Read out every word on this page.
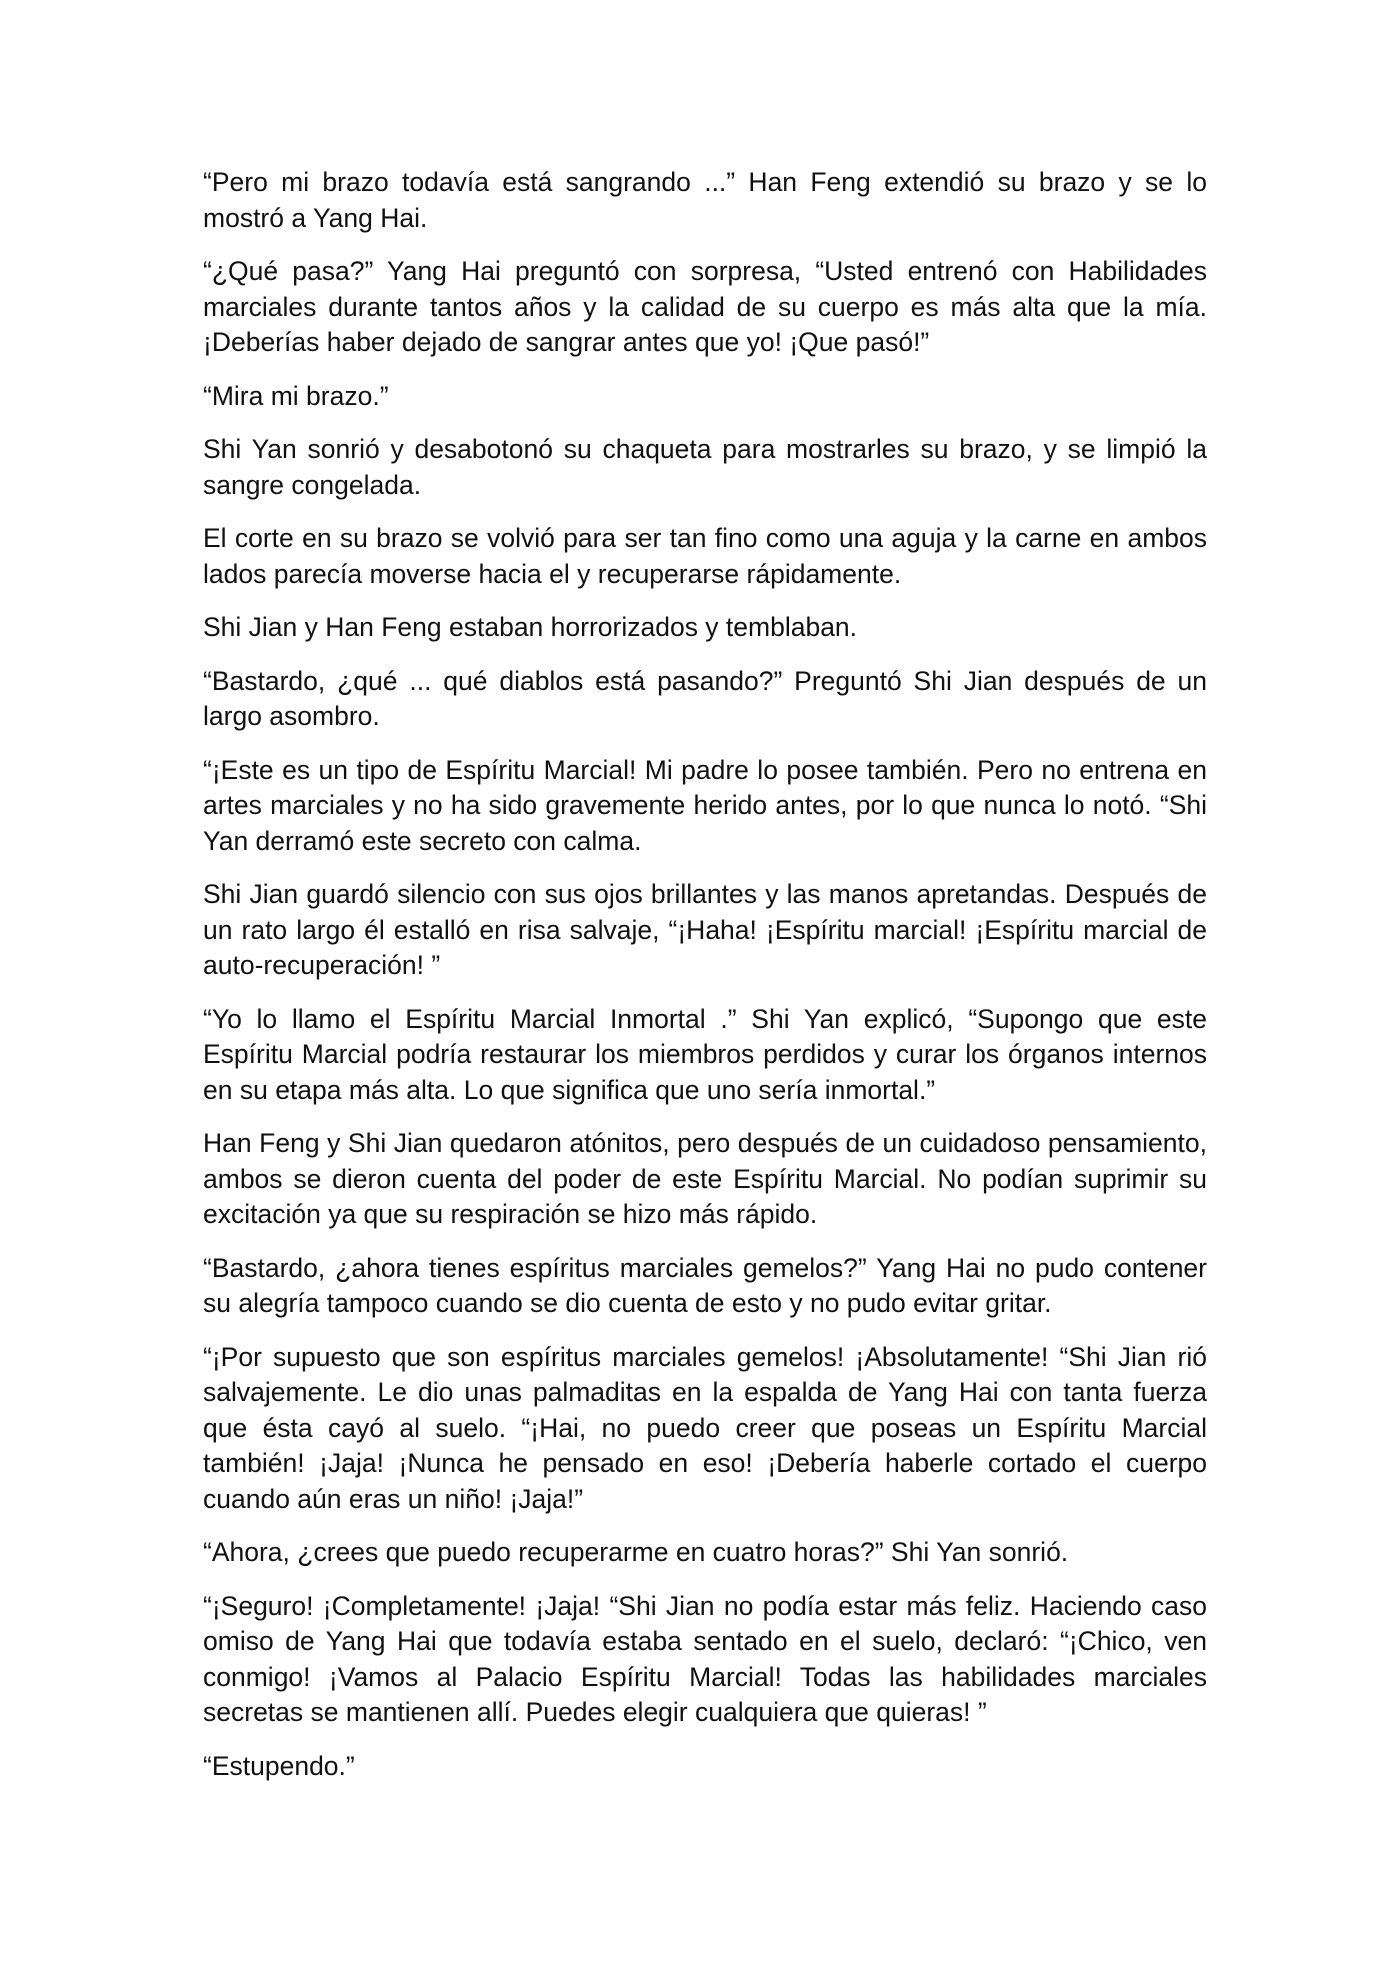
“Pero mi brazo todavía está sangrando ...” Han Feng extendió su brazo y se lo mostró a Yang Hai.

“¿Qué pasa?” Yang Hai preguntó con sorpresa, “Usted entrenó con Habilidades marciales durante tantos años y la calidad de su cuerpo es más alta que la mía. ¡Deberías haber dejado de sangrar antes que yo! ¡Que pasó!”

“Mira mi brazo.”

Shi Yan sonrió y desabotonó su chaqueta para mostrarles su brazo, y se limpió la sangre congelada.

El corte en su brazo se volvió para ser tan fino como una aguja y la carne en ambos lados parecía moverse hacia el y recuperarse rápidamente.

Shi Jian y Han Feng estaban horrorizados y temblaban.

“Bastardo, ¿qué ... qué diablos está pasando?” Preguntó Shi Jian después de un largo asombro.

“¡Este es un tipo de Espíritu Marcial! Mi padre lo posee también. Pero no entrena en artes marciales y no ha sido gravemente herido antes, por lo que nunca lo notó. “Shi Yan derramó este secreto con calma.

Shi Jian guardó silencio con sus ojos brillantes y las manos apretandas. Después de un rato largo él estalló en risa salvaje, “¡Haha! ¡Espíritu marcial! ¡Espíritu marcial de auto-recuperación! ”

“Yo lo llamo el Espíritu Marcial Inmortal .” Shi Yan explicó, “Supongo que este Espíritu Marcial podría restaurar los miembros perdidos y curar los órganos internos en su etapa más alta. Lo que significa que uno sería inmortal.”

Han Feng y Shi Jian quedaron atónitos, pero después de un cuidadoso pensamiento, ambos se dieron cuenta del poder de este Espíritu Marcial. No podían suprimir su excitación ya que su respiración se hizo más rápido.

“Bastardo, ¿ahora tienes espíritus marciales gemelos?” Yang Hai no pudo contener su alegría tampoco cuando se dio cuenta de esto y no pudo evitar gritar.

“¡Por supuesto que son espíritus marciales gemelos! ¡Absolutamente! “Shi Jian rió salvajemente. Le dio unas palmaditas en la espalda de Yang Hai con tanta fuerza que ésta cayó al suelo. “¡Hai, no puedo creer que poseas un Espíritu Marcial también! ¡Jaja! ¡Nunca he pensado en eso! ¡Debería haberle cortado el cuerpo cuando aún eras un niño! ¡Jaja!”

“Ahora, ¿crees que puedo recuperarme en cuatro horas?” Shi Yan sonrió.

“¡Seguro! ¡Completamente! ¡Jaja! “Shi Jian no podía estar más feliz. Haciendo caso omiso de Yang Hai que todavía estaba sentado en el suelo, declaró: “¡Chico, ven conmigo! ¡Vamos al Palacio Espíritu Marcial! Todas las habilidades marciales secretas se mantienen allí. Puedes elegir cualquiera que quieras! ”

“Estupendo.”
